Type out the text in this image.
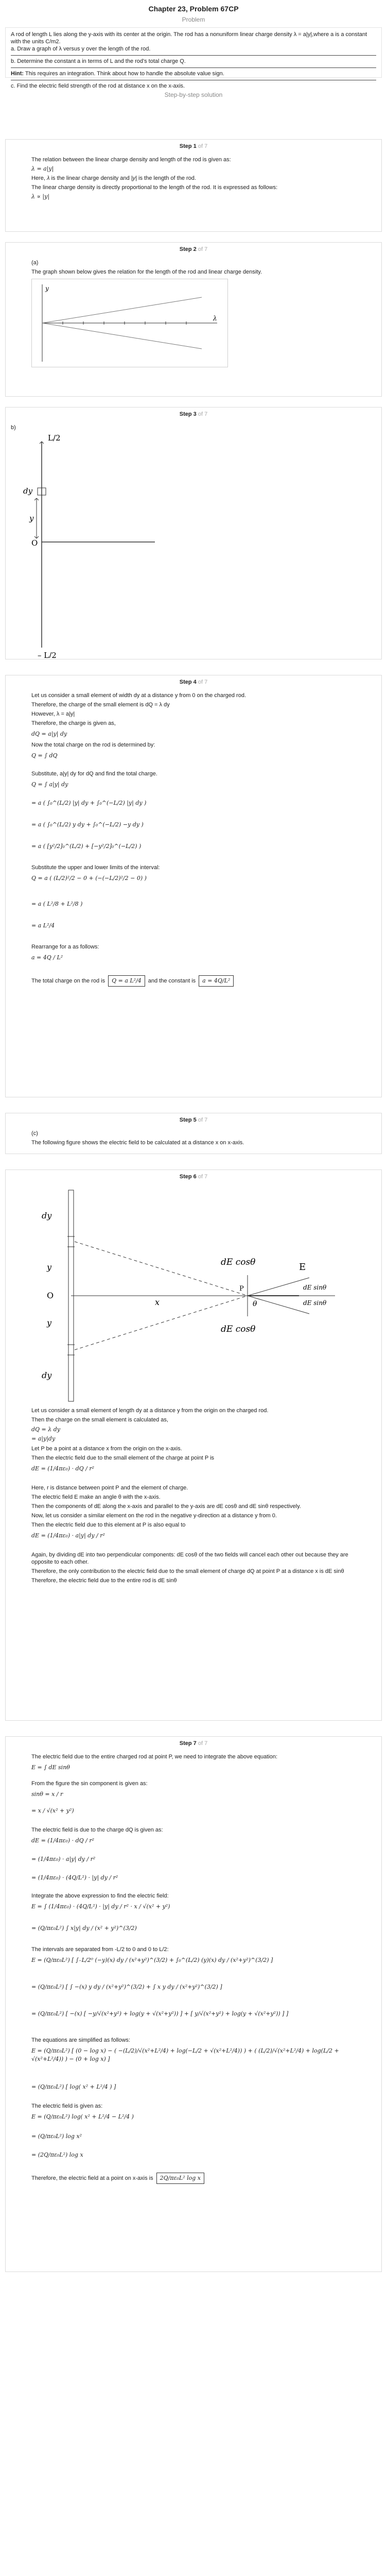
Chapter 23, Problem 67CP
Problem
A rod of length L lies along the y-axis with its center at the origin. The rod has a nonuniform linear charge density λ = a|y|,where a is a constant with the units C/m2.
a. Draw a graph of λ versus y over the length of the rod.
b. Determine the constant a in terms of L and the rod's total charge Q.
Hint: This requires an integration. Think about how to handle the absolute value sign.
c. Find the electric field strength of the rod at distance x on the x-axis.
Step-by-step solution
Step 1 of 7

The relation between the linear charge density and length of the rod is given as:

λ = a|y|

Here, λ is the linear charge density and |y| is the length of the rod.

The linear charge density is directly proportional to the length of the rod. It is expressed as follows:

λ ∝ |y|
Step 2 of 7

(a)

The graph shown below gives the relation for the length of the rod and linear charge density.

y
λ
Step 3 of 7

b)

L/2
dy
y
O
– L/2
Step 4 of 7

Let us consider a small element of width dy at a distance y from 0 on the charged rod.

Therefore, the charge of the small element is dQ = λ dy

However, λ = a|y|

Therefore, the charge is given as,

dQ = a|y| dy

Now the total charge on the rod is determined by:

Q = ∫ dQ

Substitute, a|y| dy for dQ and find the total charge.

Q = ∫ a|y| dy
= a ( ∫₀^(L/2) |y| dy + ∫₀^(−L/2) |y| dy )
= a ( ∫₀^(L/2) y dy + ∫₀^(−L/2) −y dy )
= a ( [y²/2]₀^(L/2) + [−y²/2]₀^(−L/2) )

Substitute the upper and lower limits of the interval:

Q = a ( (L/2)²/2 − 0 + (−(−L/2)²/2 − 0) )
= a ( L²/8 + L²/8 )
= a L²/4

Rearrange for a as follows:

a = 4Q / L²
The total charge on the rod is	Q = a L²/4	and the constant is	a = 4Q/L²
Step 5 of 7

(c)

The following figure shows the electric field to be calculated at a distance x on x-axis.

Step 6 of 7
dy
y
O
y
dy
x
P
θ
E
dE cosθ
dE cosθ
dE sinθ
dE sinθ

Let us consider a small element of length dy at a distance y from the origin on the charged rod.

Then the charge on the small element is calculated as,

dQ = λ dy
= a|y|dy

Let P be a point at a distance x from the origin on the x-axis.

Then the electric field due to the small element of the charge at point P is

dE = (1/4πε₀) · dQ / r²

Here, r is distance between point P and the element of charge.

The electric field E make an angle θ with the x-axis.

Then the components of dE along the x-axis and parallel to the y-axis are dE cosθ and dE sinθ respectively.

Now, let us consider a similar element on the rod in the negative y-direction at a distance y from 0.

Then the electric field due to this element at P is also equal to

dE = (1/4πε₀) · a|y| dy / r²

Again, by dividing dE into two perpendicular components: dE cosθ of the two fields will cancel each other out because they are opposite to each other.

Therefore, the only contribution to the electric field due to the small element of charge dQ at point P at a distance x is dE sinθ

Therefore, the electric field due to the entire rod is dE sinθ

Step 7 of 7

The electric field due to the entire charged rod at point P, we need to integrate the above equation:

E = ∫ dE sinθ

From the figure the sin component is given as:

sinθ = x / r
= x / √(x² + y²)

The electric field is due to the charge dQ is given as:

dE = (1/4πε₀) · dQ / r²
= (1/4πε₀) · a|y| dy / r²
= (1/4πε₀) · (4Q/L²) · |y| dy / r²

Integrate the above expression to find the electric field:

E = ∫ (1/4πε₀) · (4Q/L²) · |y| dy / r² · x / √(x² + y²)
= (Q/πε₀L²) ∫ x|y| dy / (x² + y²)^(3/2)

The intervals are separated from -L/2 to 0 and 0 to L/2:

E = (Q/πε₀L²) [ ∫₋L/2⁰ (−y)(x) dy / (x²+y²)^(3/2) + ∫₀^(L/2) (y)(x) dy / (x²+y²)^(3/2) ]
= (Q/πε₀L²) [ ∫ −(x) y dy / (x²+y²)^(3/2) + ∫ x y dy / (x²+y²)^(3/2) ]
= (Q/πε₀L²) [ −(x) [ −y/√(x²+y²) + log(y + √(x²+y²)) ] + [ y/√(x²+y²) + log(y + √(x²+y²)) ] ]

The equations are simplified as follows:

E = (Q/πε₀L²) [ (0 − log x) − ( −(L/2)/√(x²+L²/4) + log(−L/2 + √(x²+L²/4)) ) + ( (L/2)/√(x²+L²/4) + log(L/2 + √(x²+L²/4)) ) − (0 + log x) ]
= (Q/πε₀L²) [ log( x² + L²/4 ) ]

The electric field is given as:

E = (Q/πε₀L²) log( x² + L²/4 − L²/4 )
= (Q/πε₀L²) log x²
= (2Q/πε₀L²) log x
Therefore, the electric field at a point on x-axis is	2Q/πε₀L² log x
